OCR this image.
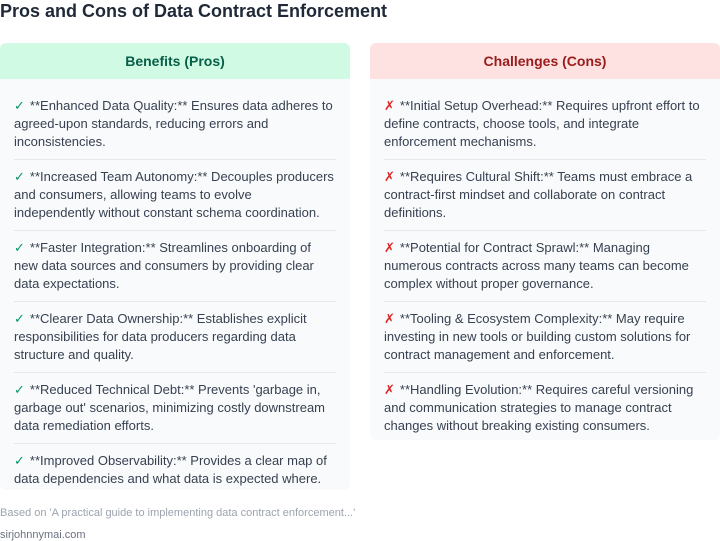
Pros and Cons of Data Contract Enforcement
Benefits (Pros)
✓ **Enhanced Data Quality:** Ensures data adheres to agreed-upon standards, reducing errors and inconsistencies.
✓ **Increased Team Autonomy:** Decouples producers and consumers, allowing teams to evolve independently without constant schema coordination.
✓ **Faster Integration:** Streamlines onboarding of new data sources and consumers by providing clear data expectations.
✓ **Clearer Data Ownership:** Establishes explicit responsibilities for data producers regarding data structure and quality.
✓ **Reduced Technical Debt:** Prevents 'garbage in, garbage out' scenarios, minimizing costly downstream data remediation efforts.
✓ **Improved Observability:** Provides a clear map of data dependencies and what data is expected where.
Challenges (Cons)
✗ **Initial Setup Overhead:** Requires upfront effort to define contracts, choose tools, and integrate enforcement mechanisms.
✗ **Requires Cultural Shift:** Teams must embrace a contract-first mindset and collaborate on contract definitions.
✗ **Potential for Contract Sprawl:** Managing numerous contracts across many teams can become complex without proper governance.
✗ **Tooling & Ecosystem Complexity:** May require investing in new tools or building custom solutions for contract management and enforcement.
✗ **Handling Evolution:** Requires careful versioning and communication strategies to manage contract changes without breaking existing consumers.
Based on 'A practical guide to implementing data contract enforcement...'
sirjohnnymai.com
